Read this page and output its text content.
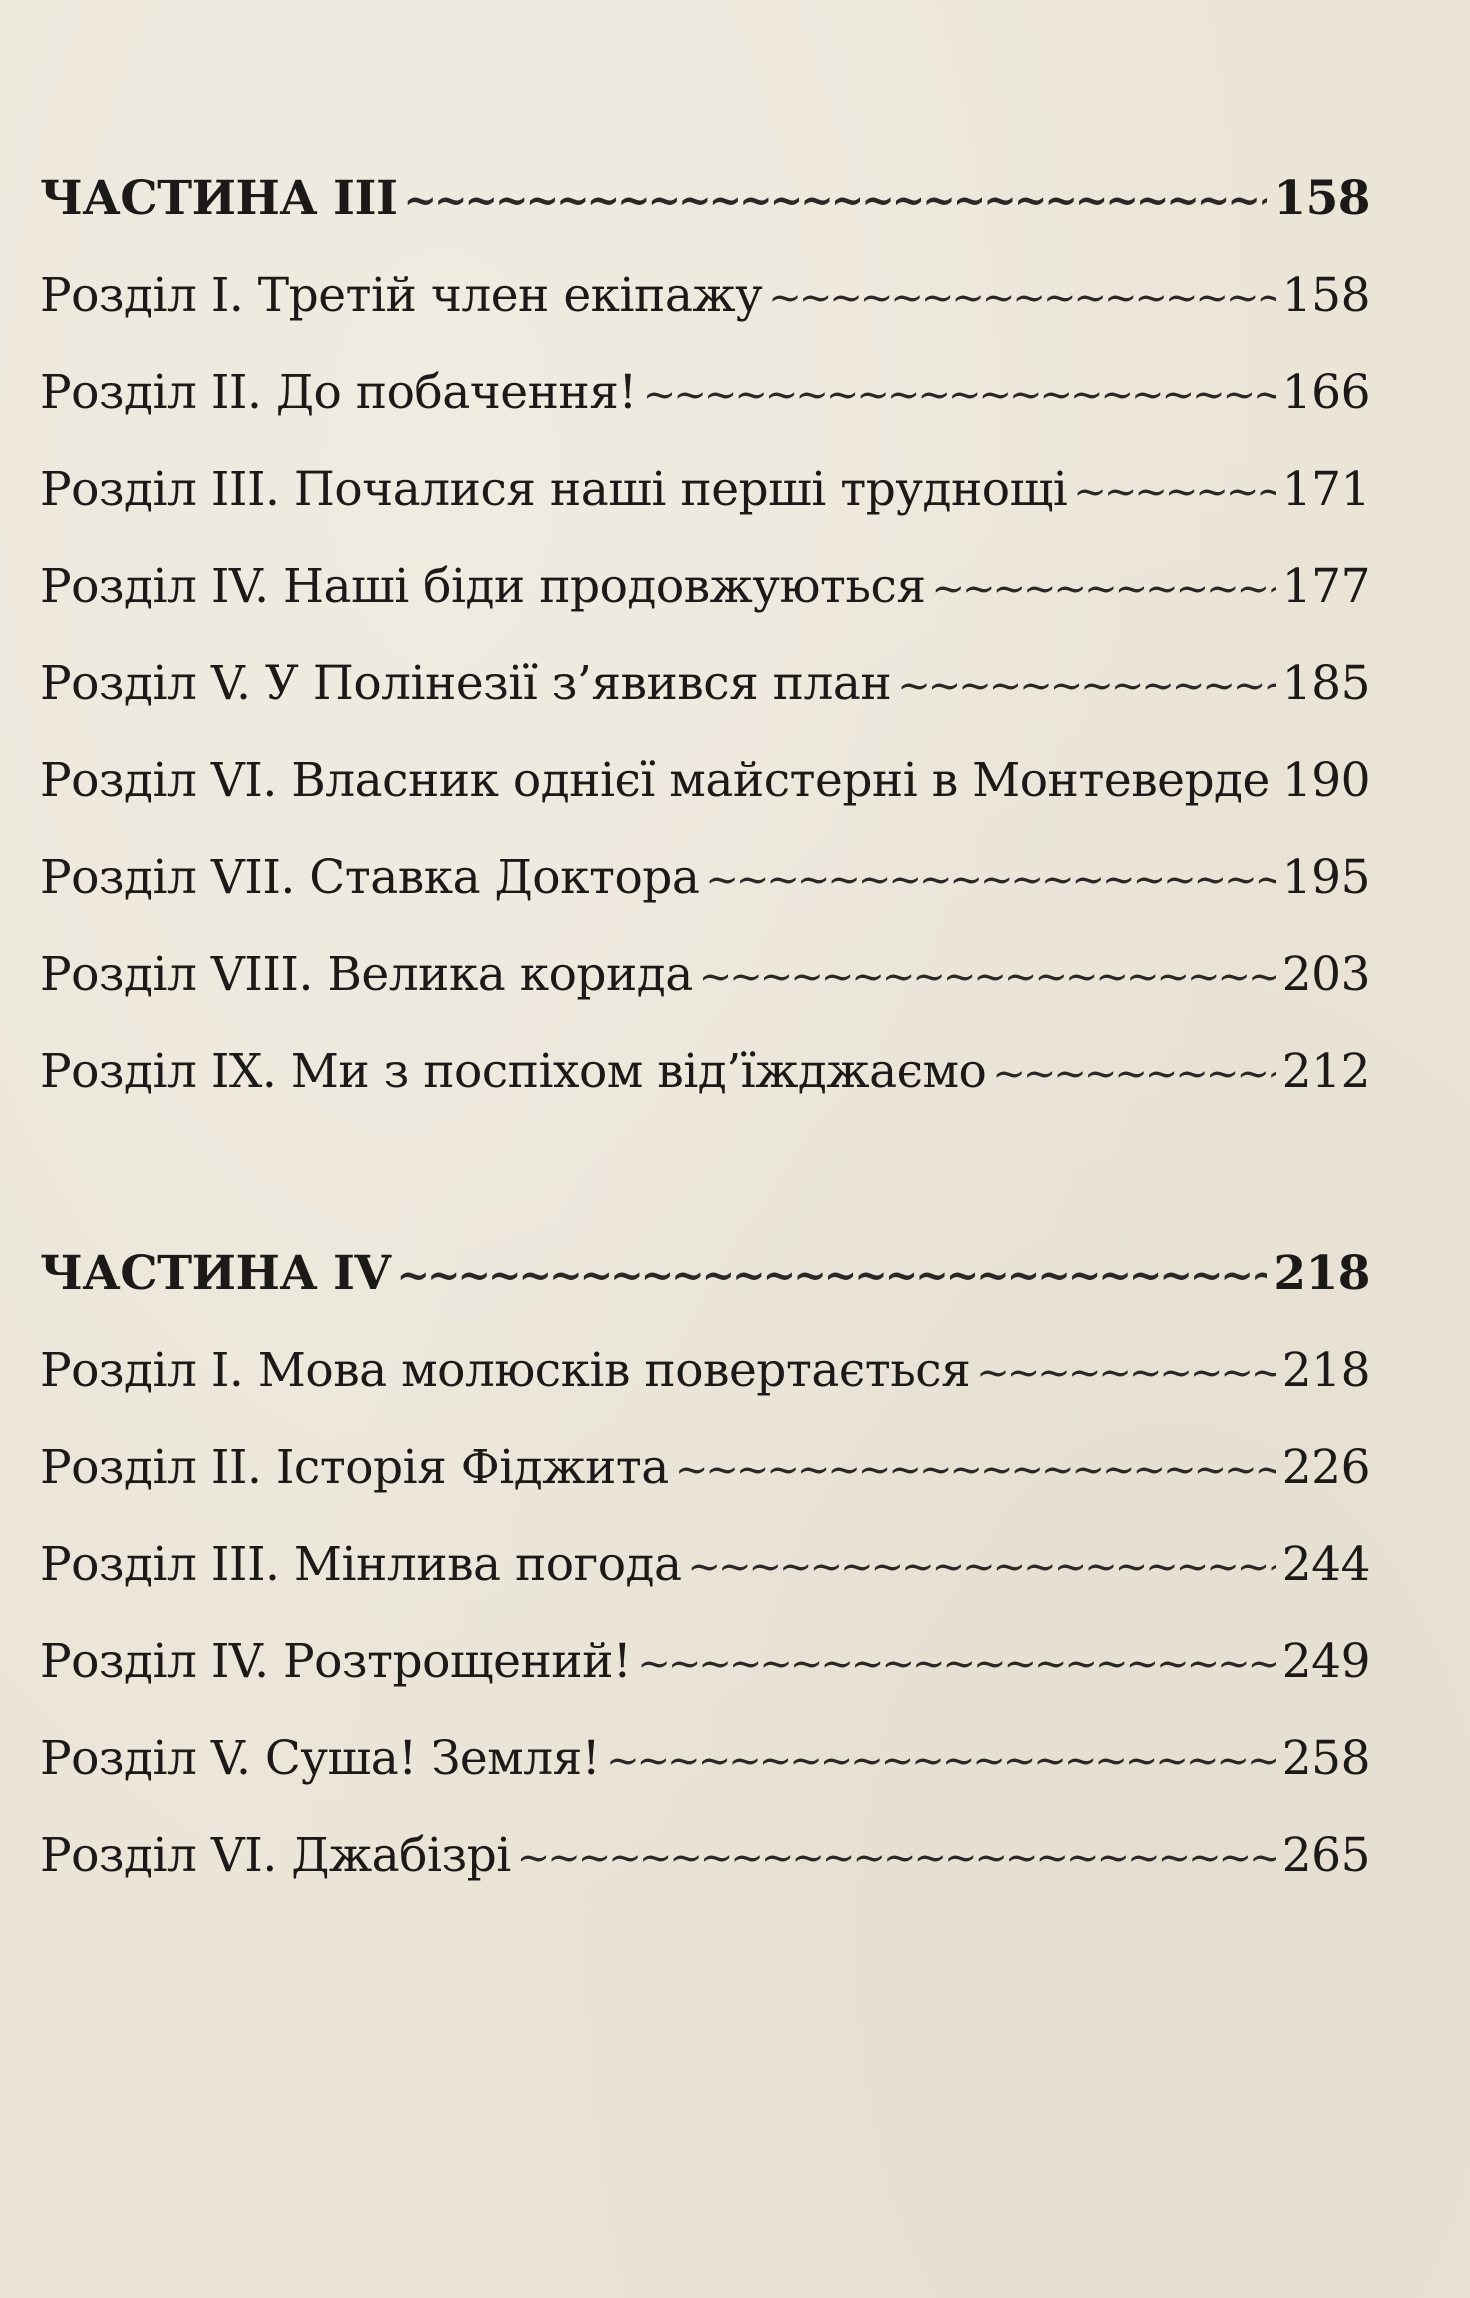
ЧАСТИНА III ~~~~~	158
Розділ I. Третій член екіпажу ~~~~~	158
Розділ II. До побачення! ~~~~~	166
Розділ III. Почалися наші перші труднощі ~~~~~	171
Розділ IV. Наші біди продовжуються ~~~~~	177
Розділ V. У Полінезії з’явився план ~~~~~	185
Розділ VI. Власник однієї майстерні в Монтеверде 190
Розділ VII. Ставка Доктора ~~~~~	195
Розділ VIII. Велика корида ~~~~~	203
Розділ IX. Ми з поспіхом від’їжджаємо ~~~~~	212
ЧАСТИНА IV ~~~~~	218
Розділ I. Мова молюсків повертається ~~~~~	218
Розділ II. Історія Фіджита ~~~~~	226
Розділ III. Мінлива погода ~~~~~	244
Розділ IV. Розтрощений! ~~~~~	249
Розділ V. Суша! Земля! ~~~~~	258
Розділ VI. Джабізрі ~~~~~	265
